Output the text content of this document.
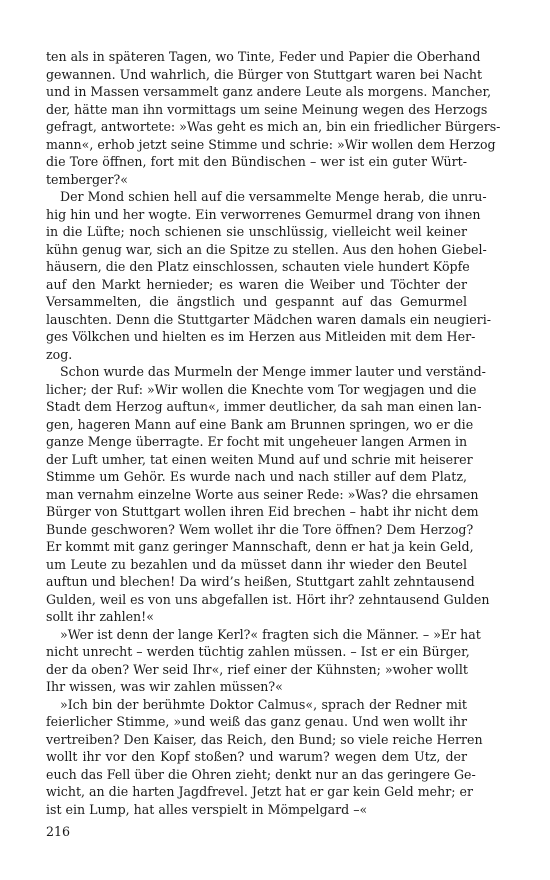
ten als in späteren Tagen, wo Tinte, Feder und Papier die Oberhand
gewannen. Und wahrlich, die Bürger von Stuttgart waren bei Nacht
und in Massen versammelt ganz andere Leute als morgens. Mancher,
der, hätte man ihn vormittags um seine Meinung wegen des Herzogs
gefragt, antwortete: »Was geht es mich an, bin ein friedlicher Bürgers-
mann«, erhob jetzt seine Stimme und schrie: »Wir wollen dem Herzog
die Tore öffnen, fort mit den Bündischen – wer ist ein guter Würt-
temberger?«
Der Mond schien hell auf die versammelte Menge herab, die unru-
hig hin und her wogte. Ein verworrenes Gemurmel drang von ihnen
in die Lüfte; noch schienen sie unschlüssig, vielleicht weil keiner
kühn genug war, sich an die Spitze zu stellen. Aus den hohen Giebel-
häusern, die den Platz einschlossen, schauten viele hundert Köpfe
auf den Markt hernieder; es waren die Weiber und Töchter der
Versammelten, die ängstlich und gespannt auf das Gemurmel
lauschten. Denn die Stuttgarter Mädchen waren damals ein neugieri-
ges Völkchen und hielten es im Herzen aus Mitleiden mit dem Her-
zog.
Schon wurde das Murmeln der Menge immer lauter und verständ-
licher; der Ruf: »Wir wollen die Knechte vom Tor wegjagen und die
Stadt dem Herzog auftun«, immer deutlicher, da sah man einen lan-
gen, hageren Mann auf eine Bank am Brunnen springen, wo er die
ganze Menge überragte. Er focht mit ungeheuer langen Armen in
der Luft umher, tat einen weiten Mund auf und schrie mit heiserer
Stimme um Gehör. Es wurde nach und nach stiller auf dem Platz,
man vernahm einzelne Worte aus seiner Rede: »Was? die ehrsamen
Bürger von Stuttgart wollen ihren Eid brechen – habt ihr nicht dem
Bunde geschworen? Wem wollet ihr die Tore öffnen? Dem Herzog?
Er kommt mit ganz geringer Mannschaft, denn er hat ja kein Geld,
um Leute zu bezahlen und da müsset dann ihr wieder den Beutel
auftun und blechen! Da wird’s heißen, Stuttgart zahlt zehntausend
Gulden, weil es von uns abgefallen ist. Hört ihr? zehntausend Gulden
sollt ihr zahlen!«
»Wer ist denn der lange Kerl?« fragten sich die Männer. – »Er hat
nicht unrecht – werden tüchtig zahlen müssen. – Ist er ein Bürger,
der da oben? Wer seid Ihr«, rief einer der Kühnsten; »woher wollt
Ihr wissen, was wir zahlen müssen?«
»Ich bin der berühmte Doktor Calmus«, sprach der Redner mit
feierlicher Stimme, »und weiß das ganz genau. Und wen wollt ihr
vertreiben? Den Kaiser, das Reich, den Bund; so viele reiche Herren
wollt ihr vor den Kopf stoßen? und warum? wegen dem Utz, der
euch das Fell über die Ohren zieht; denkt nur an das geringere Ge-
wicht, an die harten Jagdfrevel. Jetzt hat er gar kein Geld mehr; er
ist ein Lump, hat alles verspielt in Mömpelgard –«
216
